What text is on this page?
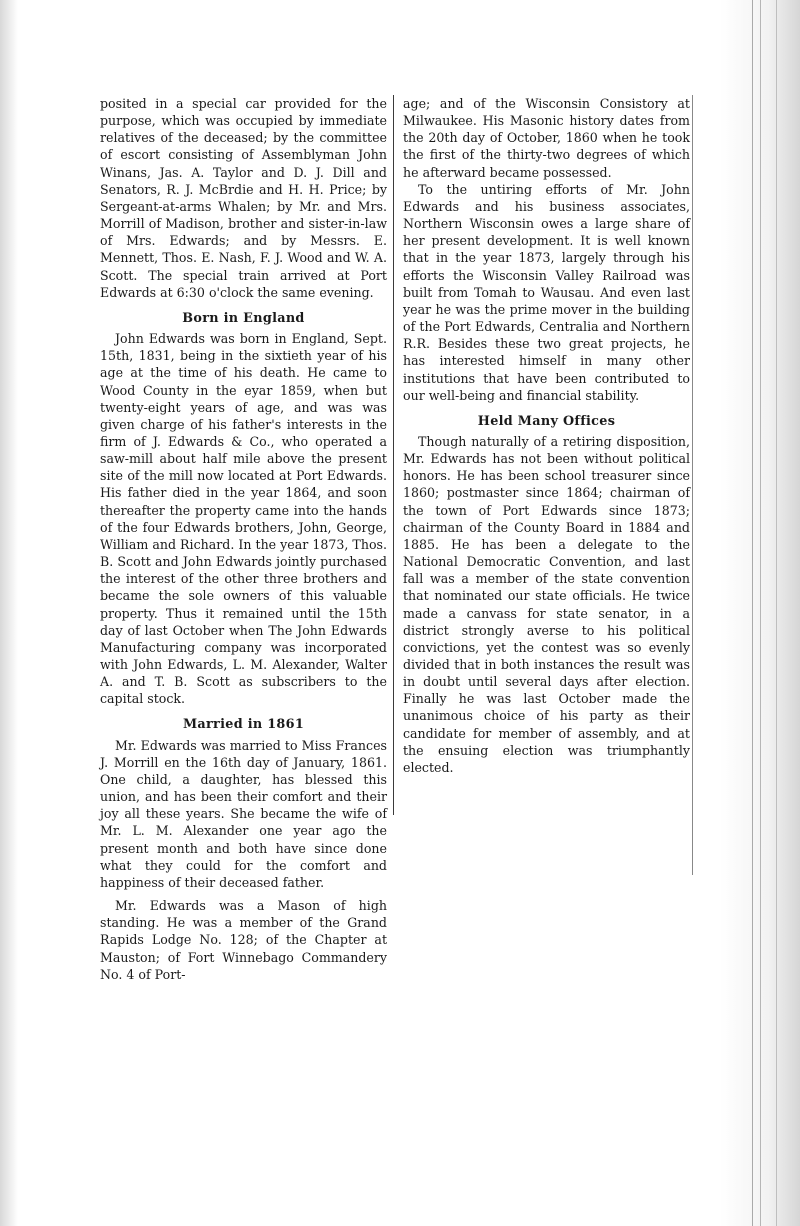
posited in a special car provided for the purpose, which was occupied by immediate relatives of the deceased; by the committee of escort consisting of Assemblyman John Winans, Jas. A. Taylor and D. J. Dill and Senators, R. J. McBrdie and H. H. Price; by Sergeant-at-arms Whalen; by Mr. and Mrs. Morrill of Madison, brother and sister-in-law of Mrs. Edwards; and by Messrs. E. Mennett, Thos. E. Nash, F. J. Wood and W. A. Scott. The special train arrived at Port Edwards at 6:30 o'clock the same evening.

Born in England

John Edwards was born in England, Sept. 15th, 1831, being in the sixtieth year of his age at the time of his death. He came to Wood County in the eyar 1859, when but twenty-eight years of age, and was was given charge of his father's interests in the firm of J. Edwards & Co., who operated a saw-mill about half mile above the present site of the mill now located at Port Edwards. His father died in the year 1864, and soon thereafter the property came into the hands of the four Edwards brothers, John, George, William and Richard. In the year 1873, Thos. B. Scott and John Edwards jointly purchased the interest of the other three brothers and became the sole owners of this valuable property. Thus it remained until the 15th day of last October when The John Edwards Manufacturing company was incorporated with John Edwards, L. M. Alexander, Walter A. and T. B. Scott as subscribers to the capital stock.

Married in 1861

Mr. Edwards was married to Miss Frances J. Morrill en the 16th day of January, 1861. One child, a daughter, has blessed this union, and has been their comfort and their joy all these years. She became the wife of Mr. L. M. Alexander one year ago the present month and both have since done what they could for the comfort and happiness of their deceased father.

Mr. Edwards was a Mason of high standing. He was a member of the Grand Rapids Lodge No. 128; of the Chapter at Mauston; of Fort Winnebago Commandery No. 4 of Port-

age; and of the Wisconsin Consistory at Milwaukee. His Masonic history dates from the 20th day of October, 1860 when he took the first of the thirty-two degrees of which he afterward became possessed.

To the untiring efforts of Mr. John Edwards and his business associates, Northern Wisconsin owes a large share of her present development. It is well known that in the year 1873, largely through his efforts the Wisconsin Valley Railroad was built from Tomah to Wausau. And even last year he was the prime mover in the building of the Port Edwards, Centralia and Northern R.R. Besides these two great projects, he has interested himself in many other institutions that have been contributed to our well-being and financial stability.

Held Many Offices

Though naturally of a retiring disposition, Mr. Edwards has not been without political honors. He has been school treasurer since 1860; postmaster since 1864; chairman of the town of Port Edwards since 1873; chairman of the County Board in 1884 and 1885. He has been a delegate to the National Democratic Convention, and last fall was a member of the state convention that nominated our state officials. He twice made a canvass for state senator, in a district strongly averse to his political convictions, yet the contest was so evenly divided that in both instances the result was in doubt until several days after election. Finally he was last October made the unanimous choice of his party as their candidate for member of assembly, and at the ensuing election was triumphantly elected.
